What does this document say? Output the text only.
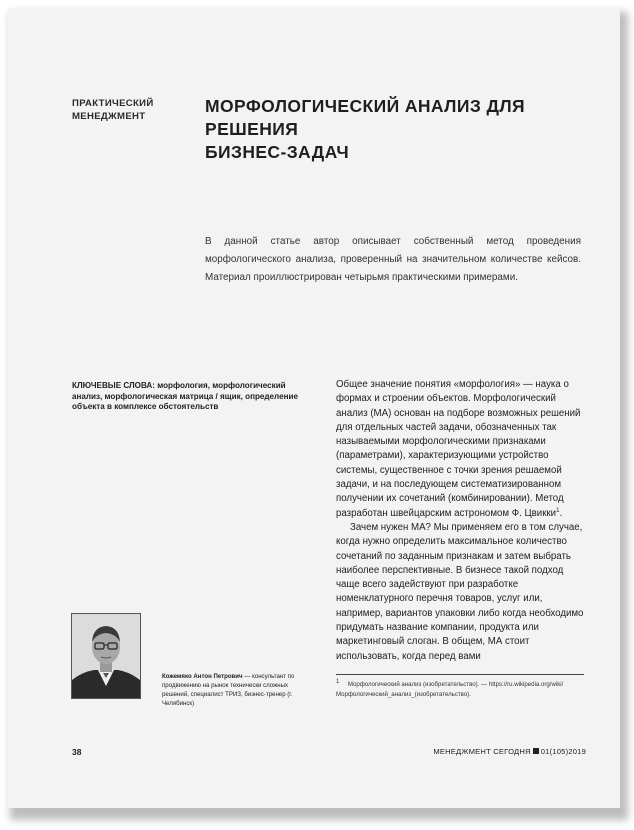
ПРАКТИЧЕСКИЙ
МЕНЕДЖМЕНТ
МОРФОЛОГИЧЕСКИЙ АНАЛИЗ ДЛЯ РЕШЕНИЯ
БИЗНЕС-ЗАДАЧ
В данной статье автор описывает собственный метод проведения морфологического анализа, проверенный на значительном количестве кейсов. Материал проиллюстрирован четырьмя практическими примерами.
КЛЮЧЕВЫЕ СЛОВА: морфология, морфологический анализ, морфологическая матрица / ящик, определение объекта в комплексе обстоятельств

Общее значение понятия «морфология» — наука о формах и строении объектов. Морфологический анализ (МА) основан на подборе возможных решений для отдельных частей задачи, обозначенных так называемыми морфологическими признаками (параметрами), характеризующими устройство системы, существенное с точки зрения решаемой задачи, и на последующем систематизированном получении их сочетаний (комбинировании). Метод разработан швейцарским астрономом Ф. Цвикки$^1$.

Зачем нужен МА? Мы применяем его в том случае, когда нужно определить максимальное количество сочетаний по заданным признакам и затем выбрать наиболее перспективные. В бизнесе такой подход чаще всего задействуют при разработке номенклатурного перечня товаров, услуг или, например, вариантов упаковки либо когда необходимо придумать название компании, продукта или маркетинговый слоган. В общем, МА стоит использовать, когда перед вами

Кожемяко Антон Петрович — консультант по продвижению на рынок технически сложных решений, специалист ТРИЗ, бизнес-тренер (г. Челябинск)
$^1$ Морфологический анализ (изобретательство). — https://ru.wikipedia.org/wiki/Морфологический_анализ_(изобретательство).
38	МЕНЕДЖМЕНТ СЕГОДНЯ 01(105)2019
